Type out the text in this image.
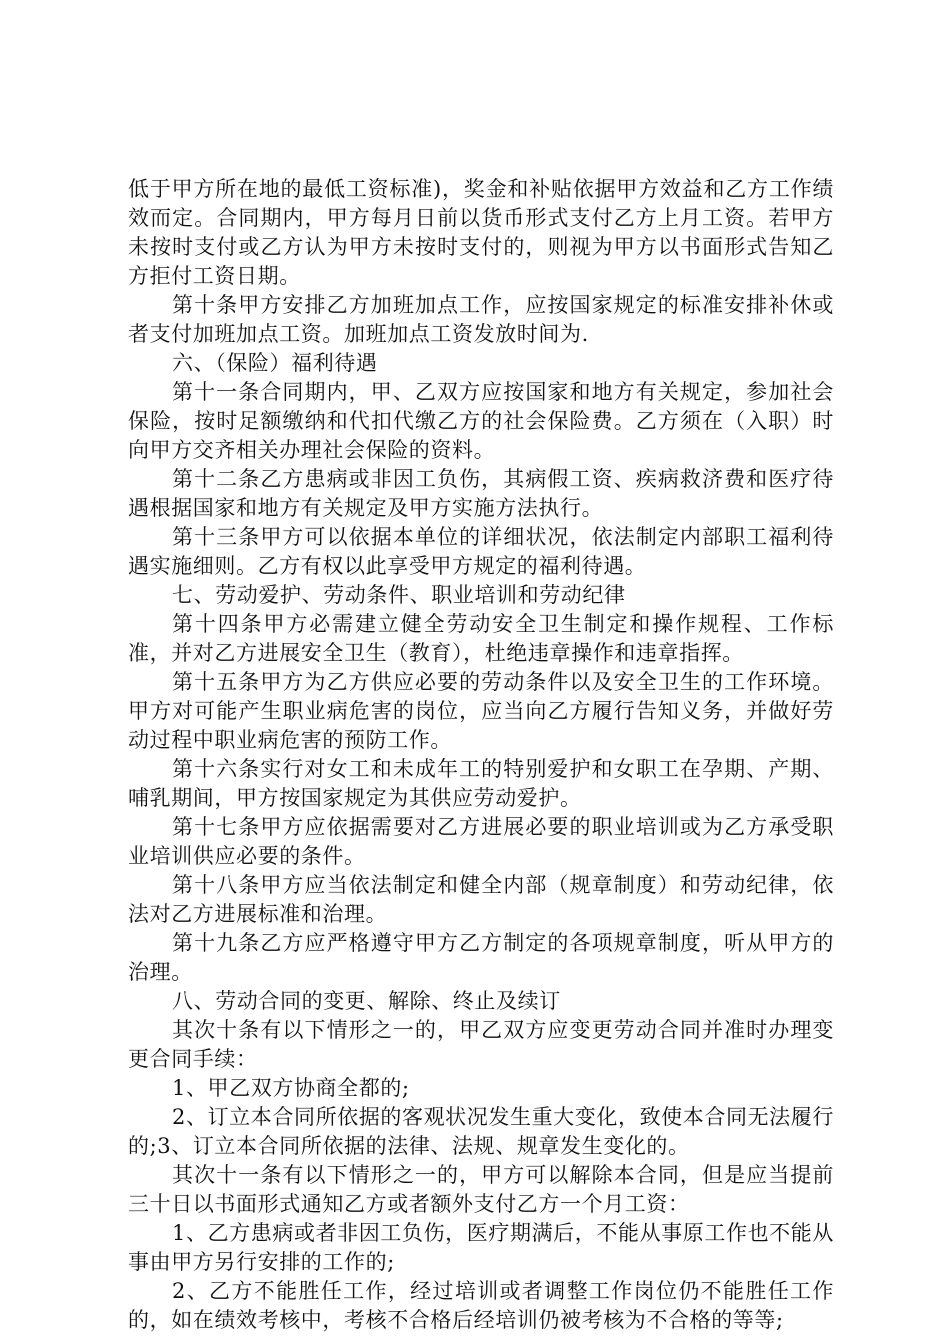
低于甲方所在地的最低工资标准)，奖金和补贴依据甲方效益和乙方工作绩效而定。合同期内，甲方每月日前以货币形式支付乙方上月工资。若甲方未按时支付或乙方认为甲方未按时支付的，则视为甲方以书面形式告知乙方拒付工资日期。

第十条甲方安排乙方加班加点工作，应按国家规定的标准安排补休或者支付加班加点工资。加班加点工资发放时间为.

六、（保险）福利待遇

第十一条合同期内，甲、乙双方应按国家和地方有关规定，参加社会保险，按时足额缴纳和代扣代缴乙方的社会保险费。乙方须在（入职）时向甲方交齐相关办理社会保险的资料。

第十二条乙方患病或非因工负伤，其病假工资、疾病救济费和医疗待遇根据国家和地方有关规定及甲方实施方法执行。

第十三条甲方可以依据本单位的详细状况，依法制定内部职工福利待遇实施细则。乙方有权以此享受甲方规定的福利待遇。

七、劳动爱护、劳动条件、职业培训和劳动纪律

第十四条甲方必需建立健全劳动安全卫生制定和操作规程、工作标准，并对乙方进展安全卫生（教育），杜绝违章操作和违章指挥。

第十五条甲方为乙方供应必要的劳动条件以及安全卫生的工作环境。甲方对可能产生职业病危害的岗位，应当向乙方履行告知义务，并做好劳动过程中职业病危害的预防工作。

第十六条实行对女工和未成年工的特别爱护和女职工在孕期、产期、哺乳期间，甲方按国家规定为其供应劳动爱护。

第十七条甲方应依据需要对乙方进展必要的职业培训或为乙方承受职业培训供应必要的条件。

第十八条甲方应当依法制定和健全内部（规章制度）和劳动纪律，依法对乙方进展标准和治理。

第十九条乙方应严格遵守甲方乙方制定的各项规章制度，听从甲方的治理。

八、劳动合同的变更、解除、终止及续订

其次十条有以下情形之一的，甲乙双方应变更劳动合同并准时办理变更合同手续：

1、甲乙双方协商全都的;

2、订立本合同所依据的客观状况发生重大变化，致使本合同无法履行的;3、订立本合同所依据的法律、法规、规章发生变化的。

其次十一条有以下情形之一的，甲方可以解除本合同，但是应当提前三十日以书面形式通知乙方或者额外支付乙方一个月工资：

1、乙方患病或者非因工负伤，医疗期满后，不能从事原工作也不能从事由甲方另行安排的工作的;

2、乙方不能胜任工作，经过培训或者调整工作岗位仍不能胜任工作的，如在绩效考核中，考核不合格后经培训仍被考核为不合格的等等;
